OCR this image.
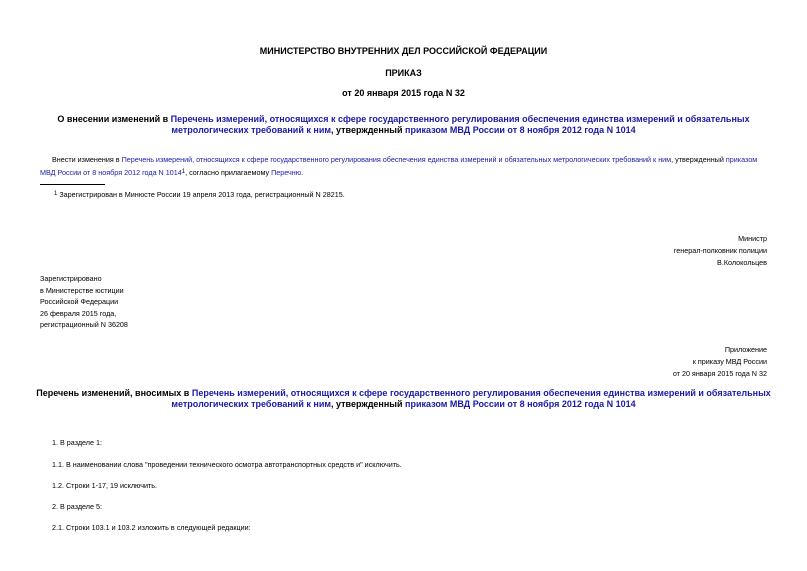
МИНИСТЕРСТВО ВНУТРЕННИХ ДЕЛ РОССИЙСКОЙ ФЕДЕРАЦИИ
ПРИКАЗ
от 20 января 2015 года N 32
О внесении изменений в Перечень измерений, относящихся к сфере государственного регулирования обеспечения единства измерений и обязательных
метрологических требований к ним, утвержденный приказом МВД России от 8 ноября 2012 года N 1014
Внести изменения в Перечень измерений, относящихся к сфере государственного регулирования обеспечения единства измерений и обязательных метрологических требований к ним, утвержденный приказом
МВД России от 8 ноября 2012 года N 1014$^1$, согласно прилагаемому Перечню.
$^1$ Зарегистрирован в Минюсте России 19 апреля 2013 года, регистрационный N 28215.
Министр
генерал-полковник полиции
В.Колокольцев
Зарегистрировано
в Министерстве юстиции
Российской Федерации
26 февраля 2015 года,
регистрационный N 36208
Приложение
к приказу МВД России
от 20 января 2015 года N 32
Перечень изменений, вносимых в Перечень измерений, относящихся к сфере государственного регулирования обеспечения единства измерений и обязательных
метрологических требований к ним, утвержденный приказом МВД России от 8 ноября 2012 года N 1014
1. В разделе 1:
1.1. В наименовании слова "проведении технического осмотра автотранспортных средств и" исключить.
1.2. Строки 1-17, 19 исключить.
2. В разделе 5:
2.1. Строки 103.1 и 103.2 изложить в следующей редакции:
